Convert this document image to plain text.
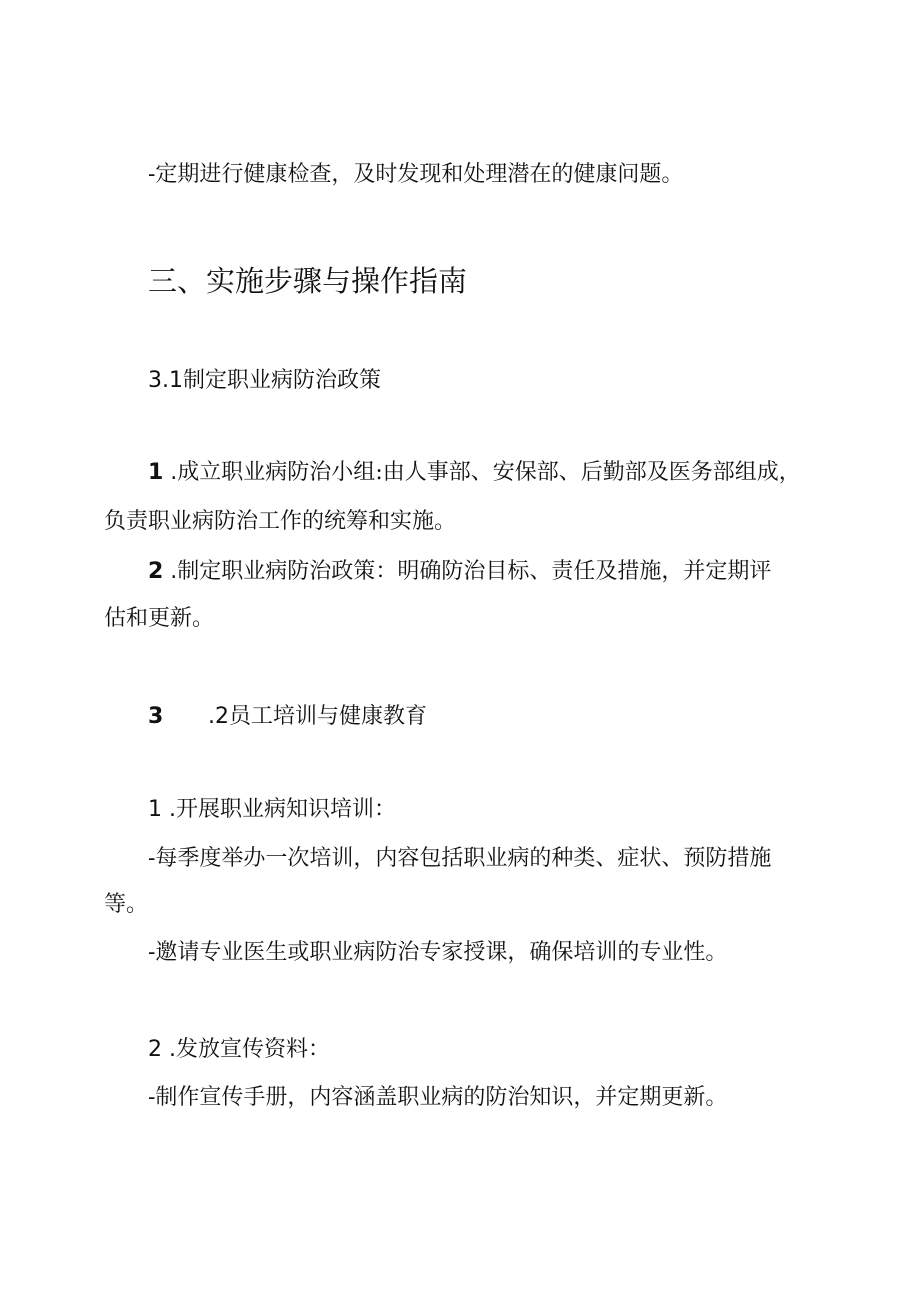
-定期进行健康检查，及时发现和处理潜在的健康问题。
三、实施步骤与操作指南
3.1制定职业病防治政策
1 .成立职业病防治小组:由人事部、安保部、后勤部及医务部组成，
负责职业病防治工作的统筹和实施。
2 .制定职业病防治政策：明确防治目标、责任及措施，并定期评
估和更新。
3 .2员工培训与健康教育
1 .开展职业病知识培训：
-每季度举办一次培训，内容包括职业病的种类、症状、预防措施
等。
-邀请专业医生或职业病防治专家授课，确保培训的专业性。
2 .发放宣传资料：
-制作宣传手册，内容涵盖职业病的防治知识，并定期更新。
